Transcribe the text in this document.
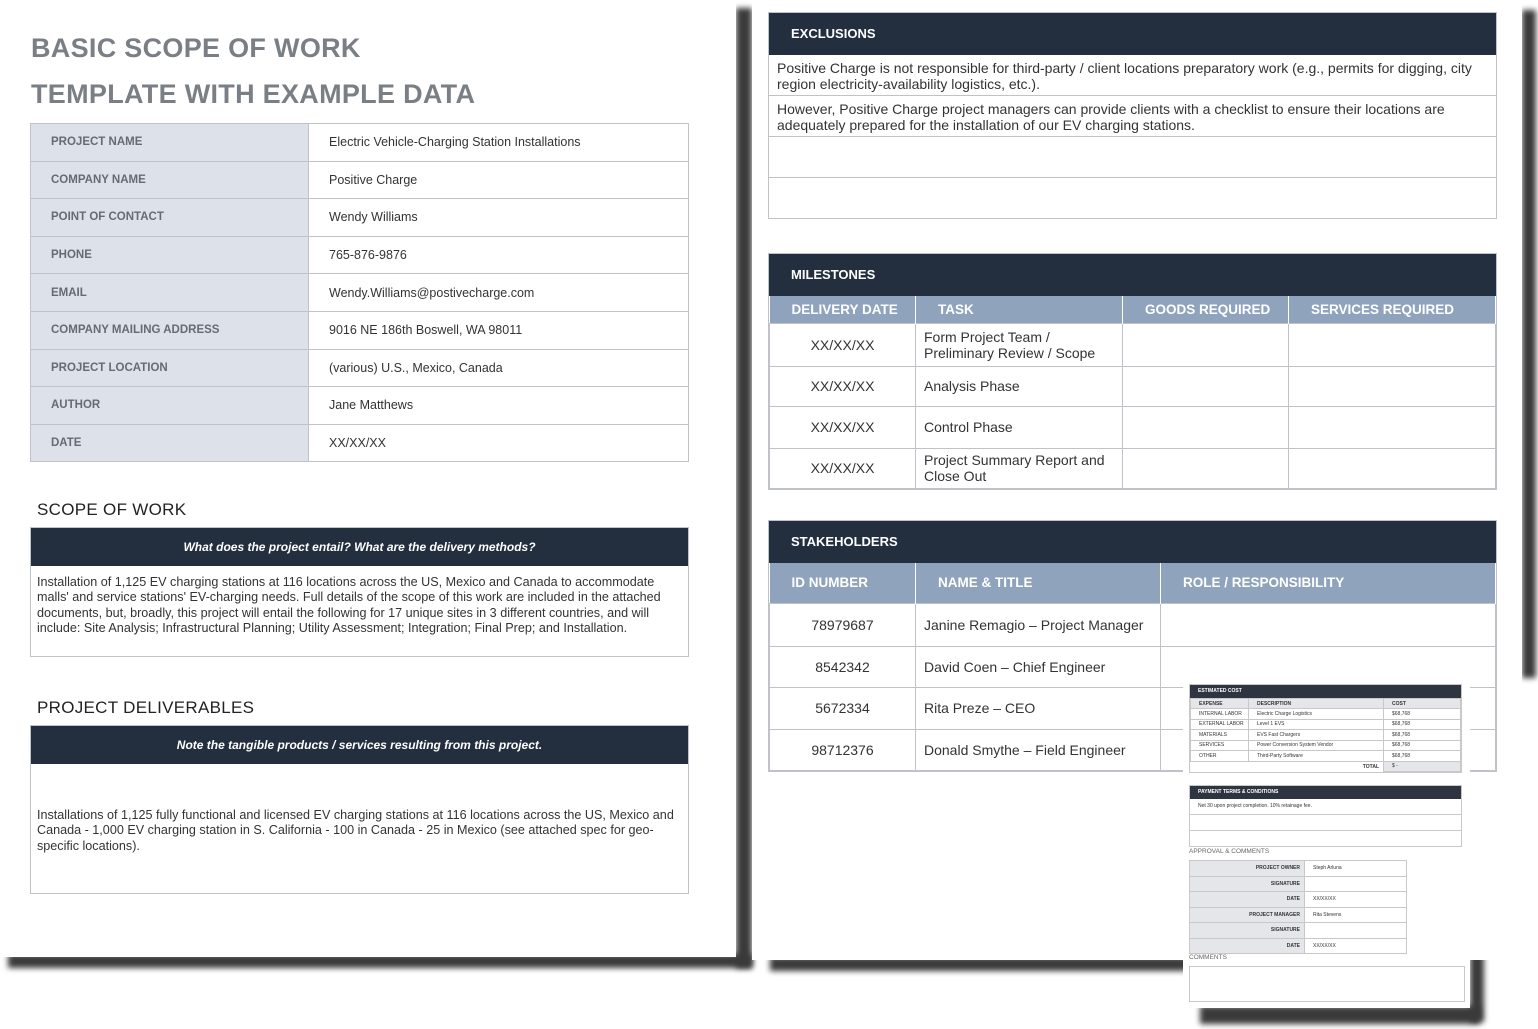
BASIC SCOPE OF WORK
TEMPLATE WITH EXAMPLE DATA
PROJECT NAME	Electric Vehicle-Charging Station Installations
COMPANY NAME	Positive Charge
POINT OF CONTACT	Wendy Williams
PHONE	765-876-9876
EMAIL	Wendy.Williams@postivecharge.com
COMPANY MAILING ADDRESS	9016 NE 186th Boswell, WA 98011
PROJECT LOCATION	(various) U.S., Mexico, Canada
AUTHOR	Jane Matthews
DATE	XX/XX/XX
SCOPE OF WORK
What does the project entail? What are the delivery methods?
Installation of 1,125 EV charging stations at 116 locations across the US, Mexico and Canada to accommodate malls' and service stations' EV-charging needs. Full details of the scope of this work are included in the attached documents, but, broadly, this project will entail the following for 17 unique sites in 3 different countries, and will include: Site Analysis; Infrastructural Planning; Utility Assessment; Integration; Final Prep; and Installation.
PROJECT DELIVERABLES
Note the tangible products / services resulting from this project.
Installations of 1,125 fully functional and licensed EV charging stations at 116 locations across the US, Mexico and Canada - 1,000 EV charging station in S. California - 100 in Canada - 25 in Mexico (see attached spec for geo-specific locations).
EXCLUSIONS
Positive Charge is not responsible for third-party / client locations preparatory work (e.g., permits for digging, city region electricity-availability logistics, etc.).
However, Positive Charge project managers can provide clients with a checklist to ensure their locations are adequately prepared for the installation of our EV charging stations.
MILESTONES
DELIVERY DATE	TASK	GOODS REQUIRED	SERVICES REQUIRED
XX/XX/XX	Form Project Team / Preliminary Review / Scope		
XX/XX/XX	Analysis Phase		
XX/XX/XX	Control Phase		
XX/XX/XX	Project Summary Report and Close Out		
STAKEHOLDERS
ID NUMBER	NAME & TITLE	ROLE / RESPONSIBILITY
78979687	Janine Remagio – Project Manager	
8542342	David Coen – Chief Engineer	
5672334	Rita Preze – CEO	
98712376	Donald Smythe – Field Engineer	
ESTIMATED COST
EXPENSE	DESCRIPTION	COST
INTERNAL LABOR	Electric Charge Logistics	$68,768
EXTERNAL LABOR	Level 1 EVS	$68,768
MATERIALS	EVS Fast Chargers	$68,768
SERVICES	Power Conversion System Vendor	$68,768
OTHER	Third-Party Software	$68,768
TOTAL		$ -
PAYMENT TERMS & CONDITIONS
Net 30 upon project completion. 10% retainage fee.
APPROVAL & COMMENTS
PROJECT OWNER	Steph Arluna
SIGNATURE	
DATE	XX/XX/XX
PROJECT MANAGER	Rita Stevens
SIGNATURE	
DATE	XX/XX/XX
COMMENTS
